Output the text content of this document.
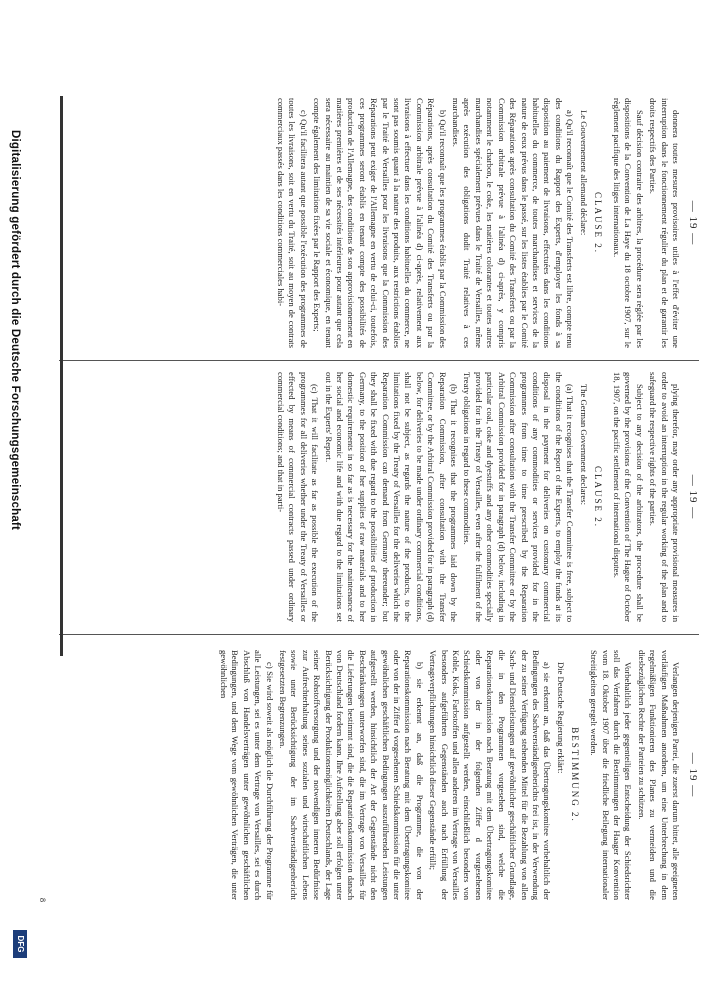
— 19 —

donnera toutes mesures provisoires utiles à l'effet d'éviter une interruption dans le fonctionnement régulier du plan et de garantir les droits respectifs des Parties.

Sauf décision contraire des arbitres, la procédure sera réglée par les dispositions de la Convention de La Haye du 18 octobre 1907, sur le règlement pacifique des litiges internationaux.

CLAUSE 2.

Le Gouvernement allemand déclare:

a) Qu'il reconnaît que le Comité des Transferts est libre, compte tenu des conditions du Rapport des Experts, d'employer les fonds à sa disposition au paiement de livraisons, effectuées dans les conditions habituelles du commerce, de toutes marchandises et services de la nature de ceux prévus dans le passé, sur les listes établies par le Comité des Réparations après consultation du Comité des Transferts ou par la Commission arbitrale prévue à l'alinéa d) ci-après, y compris notamment le charbon, le coke, les matières colorantes et toutes autres marchandises spécialement prévues dans le Traité de Versailles, même après exécution des obligations dudit Traité relatives à ces marchandises.

b) Qu'il reconnaît que les programmes établis par la Commission des Réparations, après consultation du Comité des Transferts ou par la Commission arbitrale prévue à l'alinéa d) ci-après, relativement aux livraisons à effectuer dans les conditions habituelles du commerce, ne sont pas soumis quant à la nature des produits, aux restrictions établies par le Traité de Versailles pour les livraisons que la Commission des Réparations peut exiger de l'Allemagne en vertu de celui-ci, toutefois, ces programmes seront établis en tenant compte des possibilités de production de l'Allemagne, des conditions de son approvisionnement en matières premières et de ses nécessités intérieures pour autant que cela sera nécessaire au maintien de sa vie sociale et économique, en tenant compte également des limitations fixées par le Rapport des Experts;

c) Qu'il facilitera autant que possible l'exécution des programmes de toutes les livraisons, soit en vertu du Traité, soit au moyen de contrats commerciaux passés dans les conditions commerciales habi-

— 19 —

plying therefor, may order any appropriate provisional measures in order to avoid an interruption in the regular working of the plan and to safeguard the respective rights of the parties.

Subject to any decision of the arbitrators, the procedure shall be governed by the provisions of the Convention of The Hague of October 18, 1907, on the pacific settlement of international disputes.

CLAUSE 2.

The German Government declares:

(a) That it recognises that the Transfer Committee is free, subject to the conditions of the Report of the Experts, to employ the funds at its disposal in the payment for deliveries on customary commercial conditions of any commodities or services provided for in the programmes from time to time prescribed by the Reparation Commission after consultation with the Transfer Committee or by the Arbitral Commission provided for in paragraph (d) below, including in particular coal, coke and dyestuffs and any other commodities specially provided for in the Treaty of Versailles, even after the fulfilment of the Treaty obligations in regard to these commodities.

(b) That it recognises that the programmes laid down by the Reparation Commission, after consultation with the Transfer Committee, or by the Arbitral Commission provided for in paragraph (d) below, for deliveries to be made under ordinary commercial conditions, shall not be subject, as regards the nature of the products, to the limitations fixed by the Treaty of Versailles for the deliveries which the Reparation Commission can demand from Germany thereunder; but they shall be fixed with due regard to the possibilities of production in Germany, to the position of her supplies of raw materials and to her domestic requirements in so far as is necessary for the maintenance of her social and economic life and with due regard to the limitations set out in the Experts' Report.

(c) That it will facilitate as far as possible the execution of the programmes for all deliveries whether under the Treaty of Versailles or effected by means of commercial contracts passed under ordinary commercial conditions; and that in parti-

— 19 —

Verlangen derjenigen Partei, die zuerst darum bittet, alle geeigneten vorläufigen Maßnahmen anordnen, um eine Unterbrechung in dem regelmäßigen Funktionieren des Planes zu vermeiden und die diesbezüglichen Rechte der Parteien zu schützen.

Vorbehaltlich jeder gegenteiligen Entscheidung der Schiedsrichter soll das Verfahren durch die Bestimmungen der Haager Konvention vom 18. Oktober 1907 über die friedliche Beilegung internationaler Streitigkeiten geregelt werden.

BESTIMMUNG 2.

Die Deutsche Regierung erklärt:

a) sie erkennt an, daß das Übertragungskomitee vorbehaltlich der Bedingungen des Sachverständigenberichts frei ist, in der Verwendung der zu seiner Verfügung stehenden Mittel für die Bezahlung von allen Sach- und Dienstleistungen auf gewöhnlicher geschäftlicher Grundlage, die in den Programmen vorgesehen sind, welche die Reparationskommission nach Beratung mit dem Übertragungskomitee oder von der in der folgenden Ziffer d vorgesehenen Schiedskommission aufgestellt werden, einschließlich besonders von Kohle, Koks, Farbstoffen und allen anderen im Vertrage von Versailles besonders aufgeführten Gegenständen auch nach Erfüllung der Vertragsverpflichtungen hinsichtlich dieser Gegenstände erfüllt;

b) sie erkennt an, daß die Programme, die von der Reparationskommission nach Beratung mit dem Übertragungskomitee oder von der in Ziffer d vorgesehenen Schiedskommission für die unter gewöhnlichen geschäftlichen Bedingungen auszuführenden Leistungen aufgestellt werden, hinsichtlich der Art der Gegenstände nicht den Beschränkungen unterworfen sind, die im Vertrage von Versailles für die Lieferungen bestimmt sind, die die Reparationskommission danach von Deutschland fordern kann. Ihre Aufstellung aber soll erfolgen unter Berücksichtigung der Produktionsmöglichkeiten Deutschlands, der Lage seiner Rohstoffversorgung und der notwendigen inneren Bedürfnisse zur Aufrechterhaltung seines sozialen und wirtschaftlichen Lebens sowie unter Berücksichtigung der im Sachverständigenbericht festgesetzten Begrenzungen.

c) Sie wird soweit als möglich die Durchführung der Programme für alle Leistungen, sei es unter dem Vertrage von Versailles, sei es durch Abschluß von Handelsverträgen unter gewöhnlichen geschäftlichen Bedingungen, und dem Wege vom gewöhnlichen Verträgen, die unter gewöhnlichen

8
Digitalisierung gefördert durch die Deutsche Forschungsgemeinschaft
DFG
